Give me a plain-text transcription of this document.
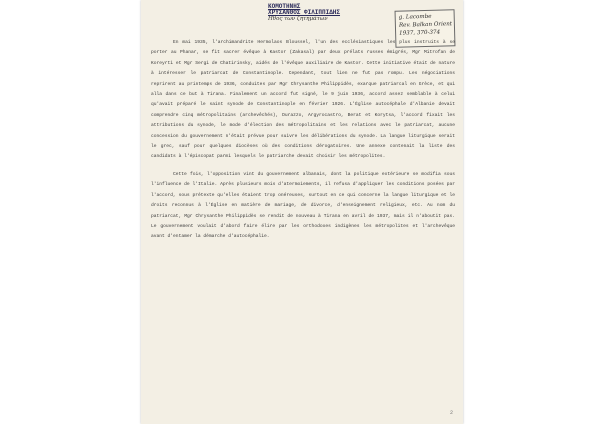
ΚΟΜΟΤΗΝΗΣ
ΧΡΥΣΑΝΘΟΣ ΦΙΛΙΠΠΙΔΗΣ
Ηθος των ζητημάτων	g. Lacombe
Rev. Balkan Orient
1937, 370-374

En mai 1935, l'archimandrite Hermolaos Bloussel, l'un des ecclésiastiques les plus instruits à se porter au Phanar, se fit sacrer évêque à Kastor (Zakasal) par deux prélats russes émigrés, Mgr Mitrofan de Koreyrti et Mgr Sergi de Chatirinsky, aidés de l'évêque auxiliaire de Kastor. Cette initiative était de nature à intéresser le patriarcat de Constantinople. Cependant, tout lien ne fut pas rompu. Les négociations reprirent au printemps de 1936, conduites par Mgr Chrysanthe Philippidès, exarque patriarcal en Grèce, et qui alla dans ce but à Tirana. Finalement un accord fut signé, le 9 juin 1936, accord assez semblable à celui qu'avait préparé le saint synode de Constantinople en février 1926. L'Église autocéphale d'Albanie devait comprendre cinq métropolitains (archevêchés), Durazzo, Argyrocastro, Berat et Korytsa, l'accord fixait les attributions du synode, le mode d'élection des métropolitains et les relations avec le patriarcat, aucune concession du gouvernement n'était prévue pour suivre les délibérations du synode. La langue liturgique serait le grec, sauf pour quelques diocèses où des conditions dérogatoires. Une annexe contenait la liste des candidats à l'épiscopat parmi lesquels le patriarche devait choisir les métropolites.

Cette fois, l'opposition vint du gouvernement albanais, dont la politique extérieure se modifia sous l'influence de l'Italie. Après plusieurs mois d'atermoiements, il refusa d'appliquer les conditions posées par l'accord, sous prétexte qu'elles étaient trop onéreuses, surtout en ce qui concerne la langue liturgique et le droits reconnus à l'Église en matière de mariage, de divorce, d'enseignement religieux, etc. Au nom du patriarcat, Mgr Chrysanthe Philippidès se rendit de nouveau à Tirana en avril de 1937, mais il n'aboutit pas. Le gouvernement voulait d'abord faire élire par les orthodoxes indigènes les métropolites et l'archevêque avant d'entamer la démarche d'autocéphalie.

2
